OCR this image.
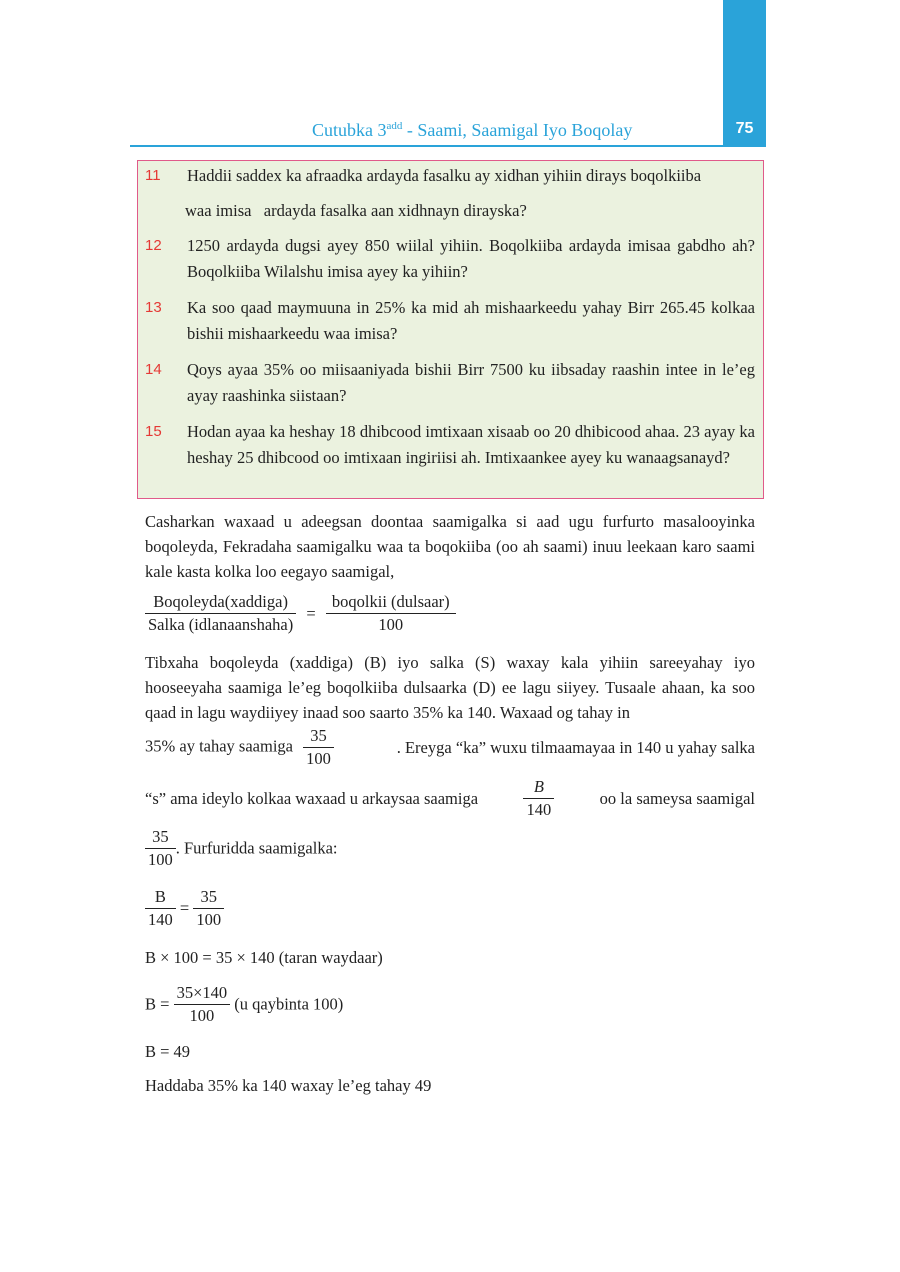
75
Cutubka $3^{add}$ - Saami, Saamigal Iyo Boqolay
11 Haddii saddex ka afraadka ardayda fasalku ay xidhan yihiin dirays boqolkiiba
waa imisa   ardayda fasalka aan xidhnayn dirayska?
12 1250 ardayda dugsi ayey 850 wiilal yihiin. Boqolkiiba ardayda imisaa gabdho ah? Boqolkiiba Wilalshu imisa ayey ka yihiin?
13 Ka soo qaad maymuuna in 25% ka mid ah mishaarkeedu yahay Birr 265.45 kolkaa bishii mishaarkeedu waa imisa?
14 Qoys ayaa 35% oo miisaaniyada bishii Birr 7500 ku iibsaday raashin intee in le’eg ayay raashinka siistaan?
15 Hodan ayaa ka heshay 18 dhibcood imtixaan xisaab oo 20 dhibicood ahaa. 23 ayay ka heshay 25 dhibcood oo imtixaan ingiriisi ah. Imtixaankee ayey ku wanaagsanayd?
Casharkan waxaad u adeegsan doontaa saamigalka si aad ugu furfurto masalooyinka boqoleyda, Fekradaha saamigalku waa ta boqokiiba (oo ah saami) inuu leekaan karo saami kale kasta kolka loo eegayo saamigal,
$\frac{\text{Boqoleyda(xaddiga)}}{\text{Salka (idlanaanshaha)}} = \frac{\text{boqolkii (dulsaar)}}{100}$
Tibxaha boqoleyda (xaddiga) (B) iyo salka (S) waxay kala yihiin sareeyahay iyo hooseeyaha saamiga le’eg boqolkiiba dulsaarka (D) ee lagu siiyey. Tusaale ahaan, ka soo qaad in lagu waydiiyey inaad soo saarto 35% ka 140. Waxaad og tahay in
35% ay tahay saamiga $\frac{35}{100}$	. Ereyga “ka” wuxu tilmaamayaa in 140 u yahay salka
“s” ama ideylo kolkaa waxaad u arkaysaa saamiga	$\frac{B}{140}$	oo la sameysa saamigal
$\frac{35}{100}$ . Furfuridda saamigalka:
$\frac{B}{140} = \frac{35}{100}$
B × 100 = 35 × 140 (taran waydaar)
$B = \frac{35\times 140}{100} (u$ qaybinta 100)
B = 49
Haddaba 35% ka 140 waxay le’eg tahay 49
